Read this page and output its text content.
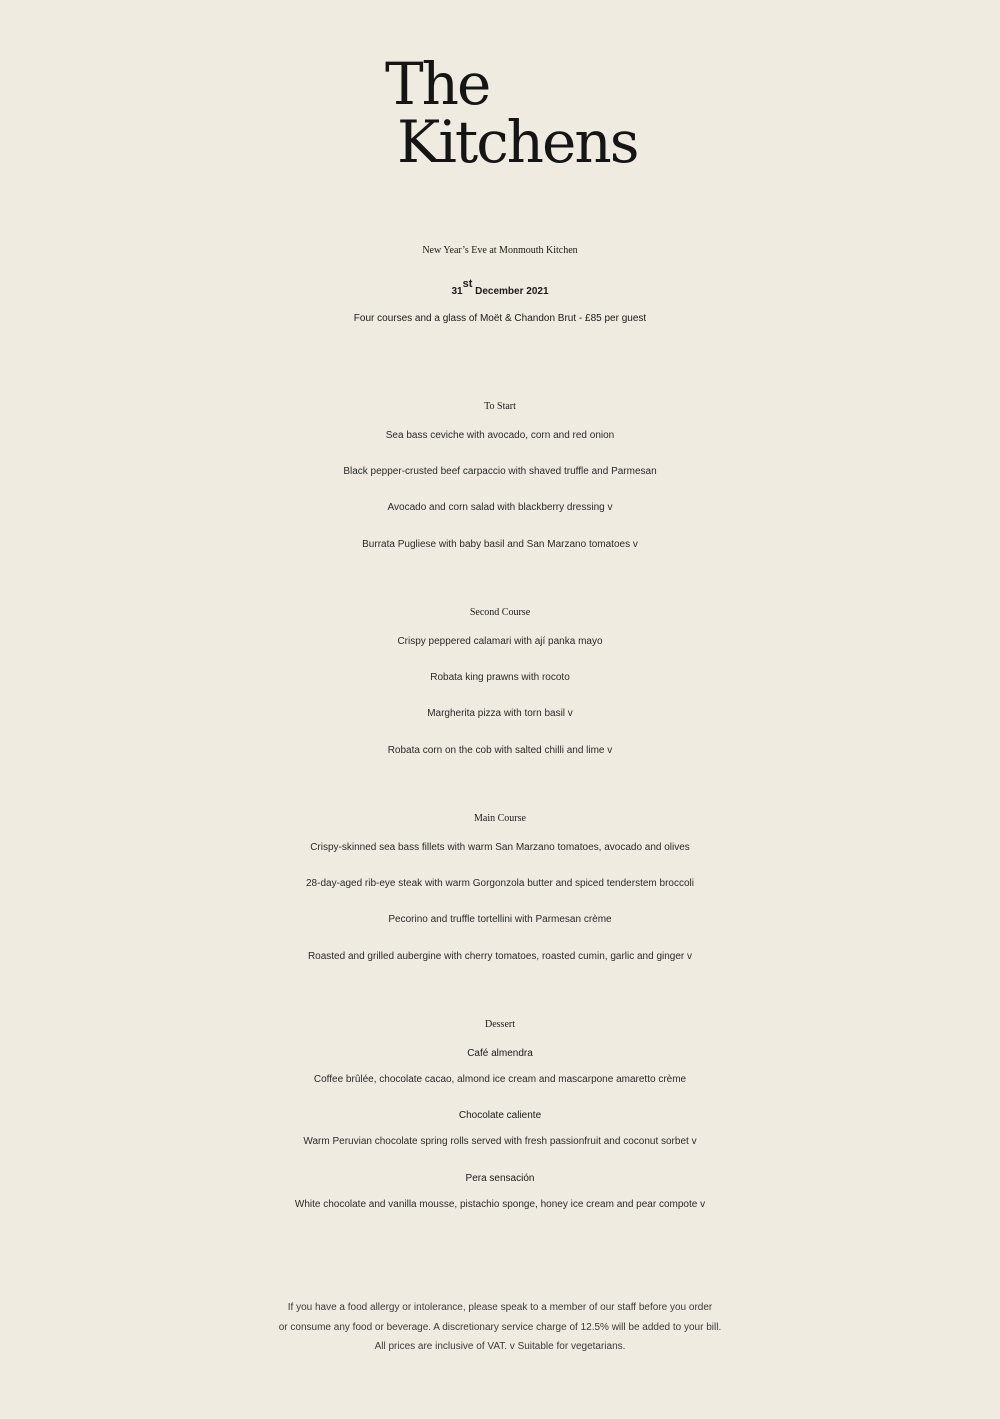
The
Kitchens
New Year’s Eve at Monmouth Kitchen
31st December 2021
Four courses and a glass of Moët & Chandon Brut - £85 per guest
To Start
Sea bass ceviche with avocado, corn and red onion
Black pepper-crusted beef carpaccio with shaved truffle and Parmesan
Avocado and corn salad with blackberry dressing v
Burrata Pugliese with baby basil and San Marzano tomatoes v
Second Course
Crispy peppered calamari with ají panka mayo
Robata king prawns with rocoto
Margherita pizza with torn basil v
Robata corn on the cob with salted chilli and lime v
Main Course
Crispy-skinned sea bass fillets with warm San Marzano tomatoes, avocado and olives
28-day-aged rib-eye steak with warm Gorgonzola butter and spiced tenderstem broccoli
Pecorino and truffle tortellini with Parmesan crème
Roasted and grilled aubergine with cherry tomatoes, roasted cumin, garlic and ginger v
Dessert
Café almendra
Coffee brûlée, chocolate cacao, almond ice cream and mascarpone amaretto crème
Chocolate caliente
Warm Peruvian chocolate spring rolls served with fresh passionfruit and coconut sorbet v
Pera sensación
White chocolate and vanilla mousse, pistachio sponge, honey ice cream and pear compote v
If you have a food allergy or intolerance, please speak to a member of our staff before you order
or consume any food or beverage. A discretionary service charge of 12.5% will be added to your bill.
All prices are inclusive of VAT. v Suitable for vegetarians.
